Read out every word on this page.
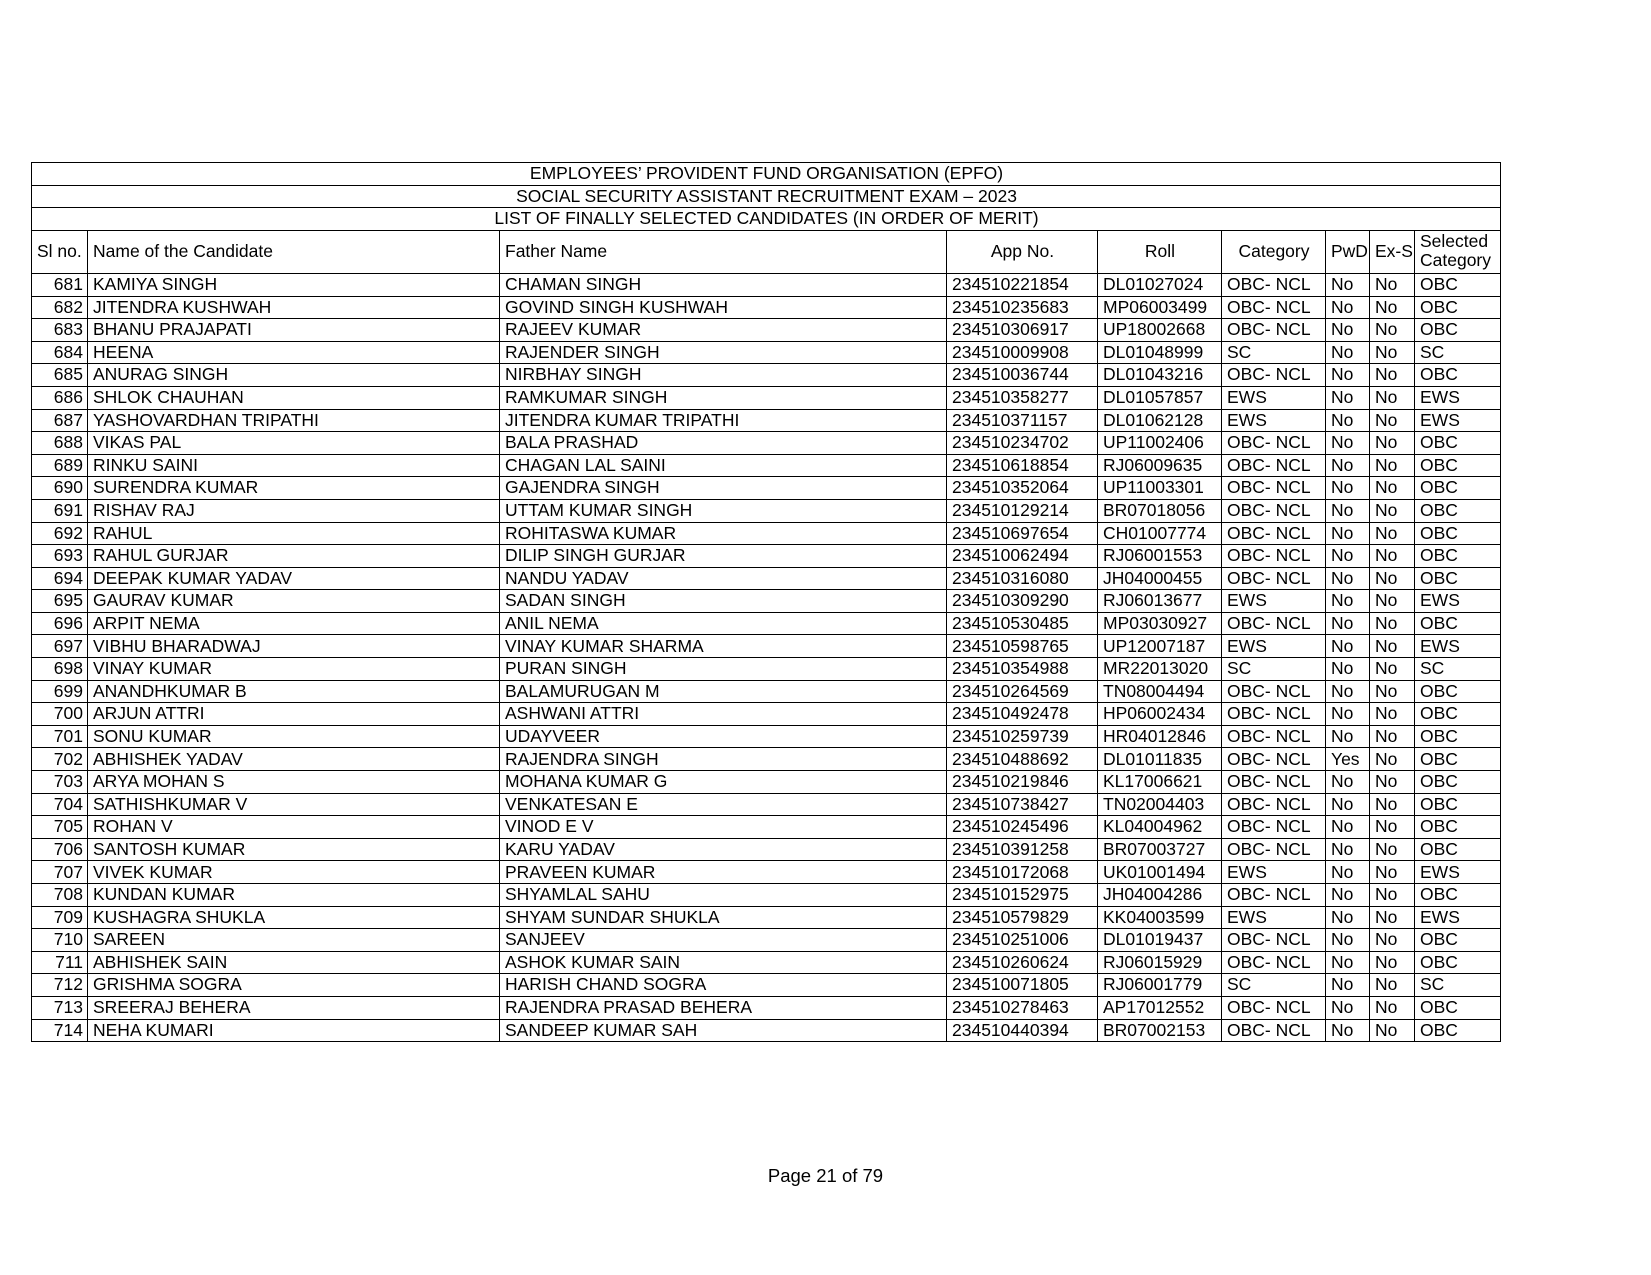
EMPLOYEES’ PROVIDENT FUND ORGANISATION (EPFO)								
SOCIAL SECURITY ASSISTANT RECRUITMENT EXAM – 2023								
LIST OF FINALLY SELECTED CANDIDATES (IN ORDER OF MERIT)								
Sl no.	Name of the Candidate	Father Name	App No.	Roll	Category	PwD	Ex-S	Selected Category
681	KAMIYA SINGH	CHAMAN SINGH	234510221854	DL01027024	OBC- NCL	No	No	OBC
682	JITENDRA KUSHWAH	GOVIND SINGH KUSHWAH	234510235683	MP06003499	OBC- NCL	No	No	OBC
683	BHANU PRAJAPATI	RAJEEV KUMAR	234510306917	UP18002668	OBC- NCL	No	No	OBC
684	HEENA	RAJENDER SINGH	234510009908	DL01048999	SC	No	No	SC
685	ANURAG SINGH	NIRBHAY SINGH	234510036744	DL01043216	OBC- NCL	No	No	OBC
686	SHLOK CHAUHAN	RAMKUMAR SINGH	234510358277	DL01057857	EWS	No	No	EWS
687	YASHOVARDHAN TRIPATHI	JITENDRA KUMAR TRIPATHI	234510371157	DL01062128	EWS	No	No	EWS
688	VIKAS PAL	BALA PRASHAD	234510234702	UP11002406	OBC- NCL	No	No	OBC
689	RINKU SAINI	CHAGAN LAL SAINI	234510618854	RJ06009635	OBC- NCL	No	No	OBC
690	SURENDRA KUMAR	GAJENDRA SINGH	234510352064	UP11003301	OBC- NCL	No	No	OBC
691	RISHAV RAJ	UTTAM KUMAR SINGH	234510129214	BR07018056	OBC- NCL	No	No	OBC
692	RAHUL	ROHITASWA KUMAR	234510697654	CH01007774	OBC- NCL	No	No	OBC
693	RAHUL GURJAR	DILIP SINGH GURJAR	234510062494	RJ06001553	OBC- NCL	No	No	OBC
694	DEEPAK KUMAR YADAV	NANDU YADAV	234510316080	JH04000455	OBC- NCL	No	No	OBC
695	GAURAV KUMAR	SADAN SINGH	234510309290	RJ06013677	EWS	No	No	EWS
696	ARPIT NEMA	ANIL NEMA	234510530485	MP03030927	OBC- NCL	No	No	OBC
697	VIBHU BHARADWAJ	VINAY KUMAR SHARMA	234510598765	UP12007187	EWS	No	No	EWS
698	VINAY KUMAR	PURAN SINGH	234510354988	MR22013020	SC	No	No	SC
699	ANANDHKUMAR B	BALAMURUGAN M	234510264569	TN08004494	OBC- NCL	No	No	OBC
700	ARJUN ATTRI	ASHWANI ATTRI	234510492478	HP06002434	OBC- NCL	No	No	OBC
701	SONU KUMAR	UDAYVEER	234510259739	HR04012846	OBC- NCL	No	No	OBC
702	ABHISHEK YADAV	RAJENDRA SINGH	234510488692	DL01011835	OBC- NCL	Yes	No	OBC
703	ARYA MOHAN S	MOHANA KUMAR G	234510219846	KL17006621	OBC- NCL	No	No	OBC
704	SATHISHKUMAR V	VENKATESAN E	234510738427	TN02004403	OBC- NCL	No	No	OBC
705	ROHAN V	VINOD E V	234510245496	KL04004962	OBC- NCL	No	No	OBC
706	SANTOSH KUMAR	KARU YADAV	234510391258	BR07003727	OBC- NCL	No	No	OBC
707	VIVEK KUMAR	PRAVEEN KUMAR	234510172068	UK01001494	EWS	No	No	EWS
708	KUNDAN KUMAR	SHYAMLAL SAHU	234510152975	JH04004286	OBC- NCL	No	No	OBC
709	KUSHAGRA SHUKLA	SHYAM SUNDAR SHUKLA	234510579829	KK04003599	EWS	No	No	EWS
710	SAREEN	SANJEEV	234510251006	DL01019437	OBC- NCL	No	No	OBC
711	ABHISHEK SAIN	ASHOK KUMAR SAIN	234510260624	RJ06015929	OBC- NCL	No	No	OBC
712	GRISHMA SOGRA	HARISH CHAND SOGRA	234510071805	RJ06001779	SC	No	No	SC
713	SREERAJ BEHERA	RAJENDRA PRASAD BEHERA	234510278463	AP17012552	OBC- NCL	No	No	OBC
714	NEHA KUMARI	SANDEEP KUMAR SAH	234510440394	BR07002153	OBC- NCL	No	No	OBC
Page 21 of 79
